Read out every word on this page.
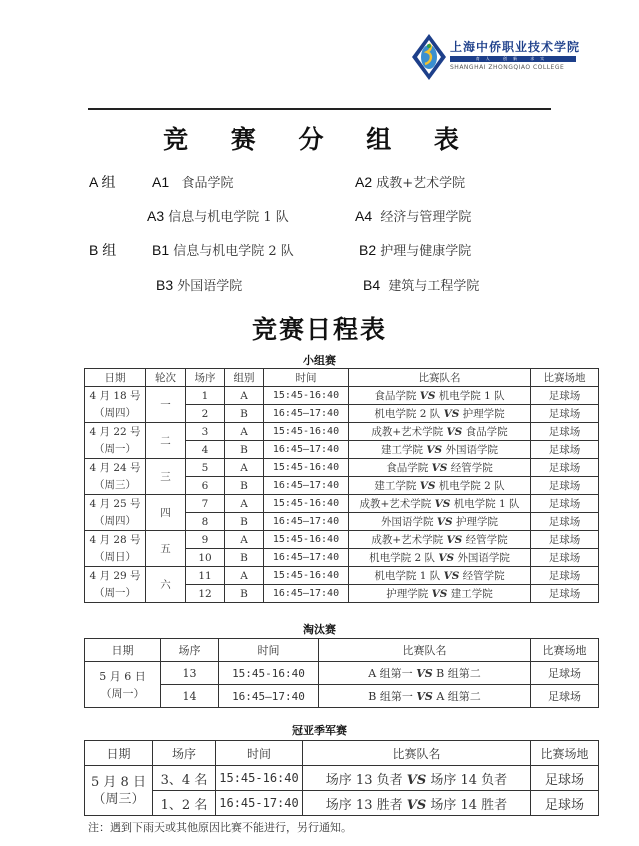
上海中侨职业技术学院
育人 创新 求实
SHANGHAI ZHONGQIAO COLLEGE
竞 赛 分 组 表
A 组	A1 食品学院	A2 成教+艺术学院
A3 信息与机电学院 1 队	A4 经济与管理学院
B 组	B1 信息与机电学院 2 队	B2 护理与健康学院
B3 外国语学院	B4 建筑与工程学院
竞赛日程表
小组赛
日期	轮次	场序	组别	时间	比赛队名	比赛场地
4 月 18 号
（周四）	一	1	A	15:45-16:40	食品学院 VS 机电学院 1 队	足球场
		2	B	16:45—17:40	机电学院 2 队 VS 护理学院	足球场
4 月 22 号
（周一）	二	3	A	15:45-16:40	成教+艺术学院 VS 食品学院	足球场
		4	B	16:45—17:40	建工学院 VS 外国语学院	足球场
4 月 24 号
（周三）	三	5	A	15:45-16:40	食品学院 VS 经管学院	足球场
		6	B	16:45—17:40	建工学院 VS 机电学院 2 队	足球场
4 月 25 号
（周四）	四	7	A	15:45-16:40	成教+艺术学院 VS 机电学院 1 队	足球场
		8	B	16:45—17:40	外国语学院 VS 护理学院	足球场
4 月 28 号
（周日）	五	9	A	15:45-16:40	成教+艺术学院 VS 经管学院	足球场
		10	B	16:45—17:40	机电学院 2 队 VS 外国语学院	足球场
4 月 29 号
（周一）	六	11	A	15:45-16:40	机电学院 1 队 VS 经管学院	足球场
		12	B	16:45—17:40	护理学院 VS 建工学院	足球场
淘汰赛
日期	场序	时间	比赛队名	比赛场地
5 月 6 日
（周一）	13	15:45-16:40	A 组第一 VS B 组第二	足球场
	14	16:45—17:40	B 组第一 VS A 组第二	足球场
冠亚季军赛
日期	场序	时间	比赛队名	比赛场地
5 月 8 日
（周三）	3、4 名	15:45-16:40	场序 13 负者 VS 场序 14 负者	足球场
	1、2 名	16:45-17:40	场序 13 胜者 VS 场序 14 胜者	足球场
注：遇到下雨天或其他原因比赛不能进行，另行通知。
